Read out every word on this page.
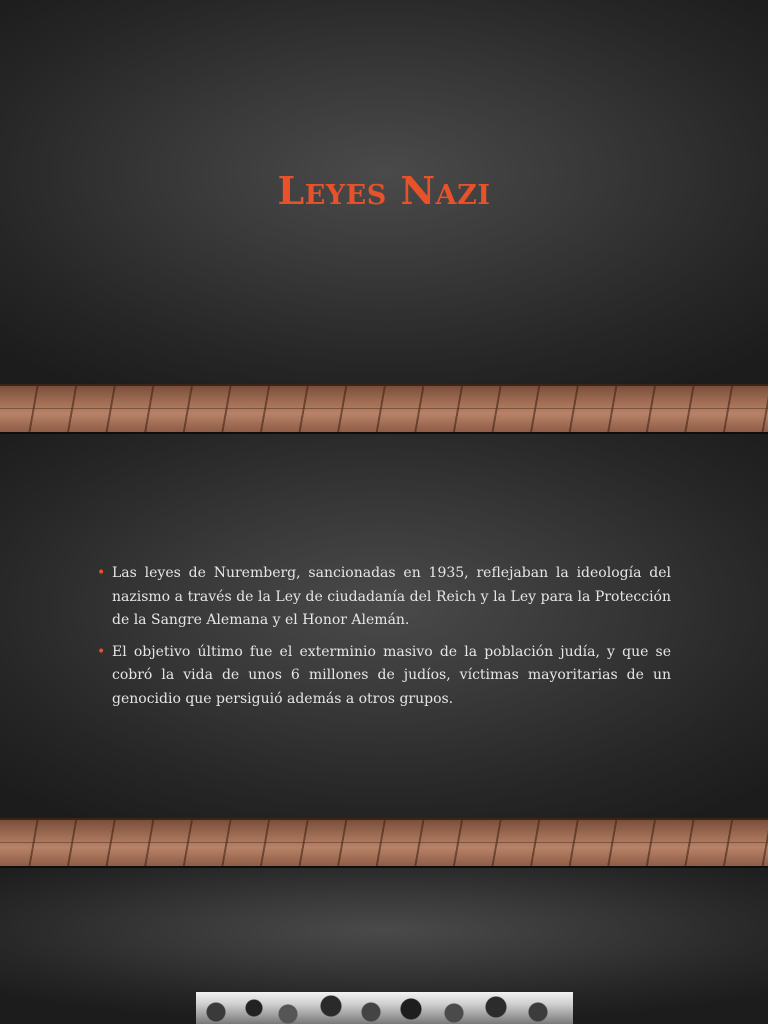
Leyes Nazi
• Las leyes de Nuremberg, sancionadas en 1935, reflejaban la ideología del nazismo a través de la Ley de ciudadanía del Reich y la Ley para la Protección de la Sangre Alemana y el Honor Alemán.
• El objetivo último fue el exterminio masivo de la población judía, y que se cobró la vida de unos 6 millones de judíos, víctimas mayoritarias de un genocidio que persiguió además a otros grupos.
